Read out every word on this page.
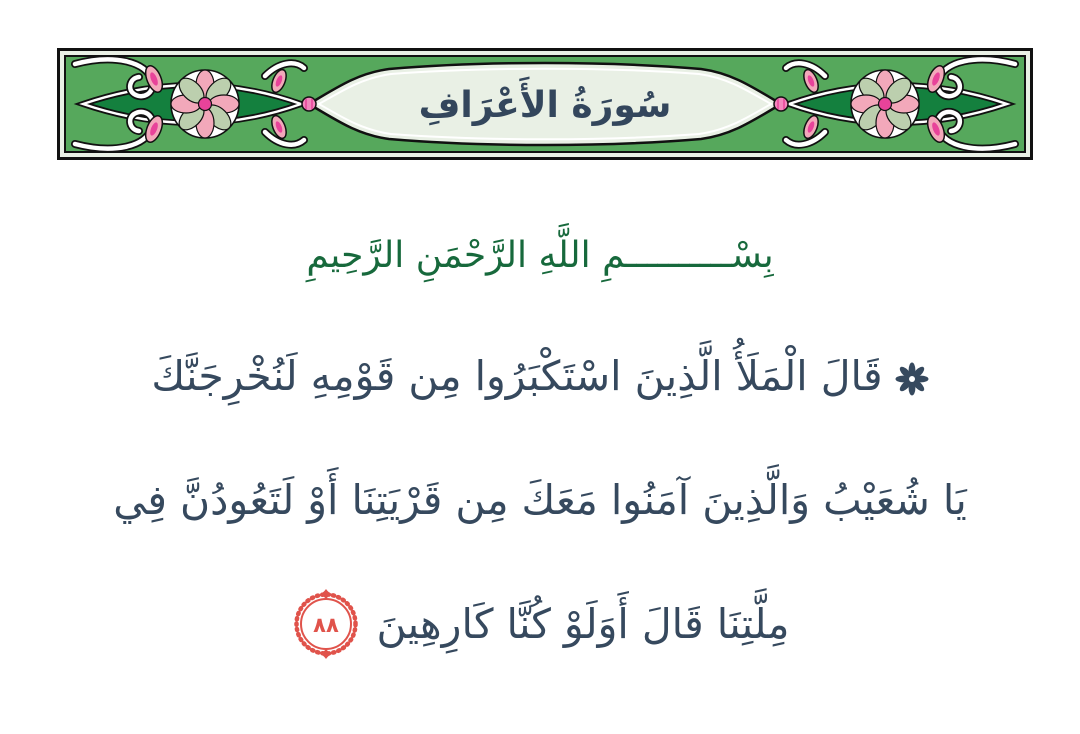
سُورَةُ الأَعْرَافِ
بِسْــــــــــمِ اللَّهِ الرَّحْمَنِ الرَّحِيمِ
قَالَ الْمَلَأُ الَّذِينَ اسْتَكْبَرُوا مِن قَوْمِهِ لَنُخْرِجَنَّكَ
يَا شُعَيْبُ وَالَّذِينَ آمَنُوا مَعَكَ مِن قَرْيَتِنَا أَوْ لَتَعُودُنَّ فِي
مِلَّتِنَا قَالَ أَوَلَوْ كُنَّا كَارِهِينَ
٨٨
